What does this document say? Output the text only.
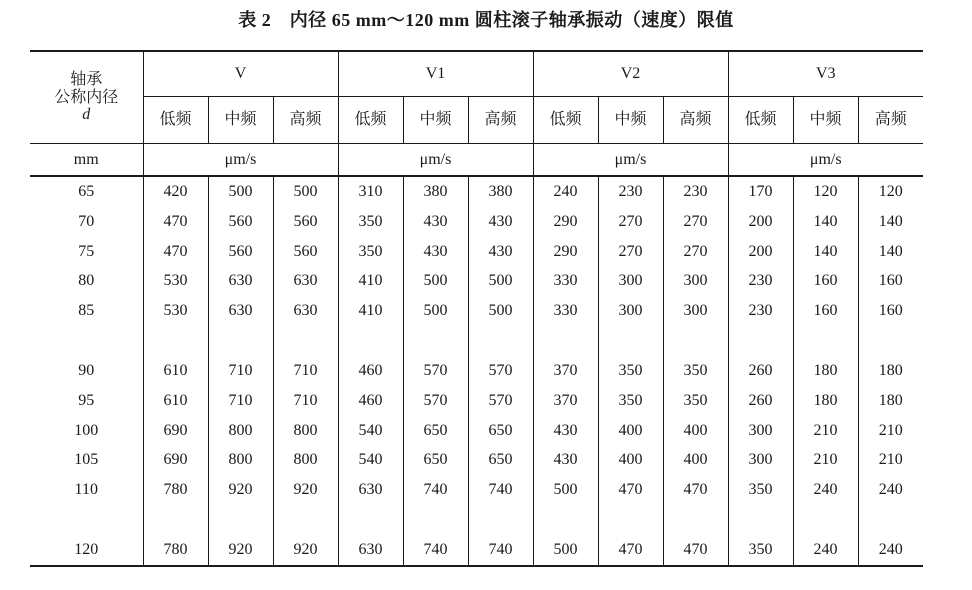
表 2　内径 65 mm～120 mm 圆柱滚子轴承振动（速度）限值
轴承
公称内径
d	V			V1			V2			V3		
	低频	中频	高频	低频	中频	高频	低频	中频	高频	低频	中频	高频
mm	μm/s			μm/s			μm/s			μm/s		
65	420	500	500	310	380	380	240	230	230	170	120	120
70	470	560	560	350	430	430	290	270	270	200	140	140
75	470	560	560	350	430	430	290	270	270	200	140	140
80	530	630	630	410	500	500	330	300	300	230	160	160
85	530	630	630	410	500	500	330	300	300	230	160	160

90	610	710	710	460	570	570	370	350	350	260	180	180
95	610	710	710	460	570	570	370	350	350	260	180	180
100	690	800	800	540	650	650	430	400	400	300	210	210
105	690	800	800	540	650	650	430	400	400	300	210	210
110	780	920	920	630	740	740	500	470	470	350	240	240

120	780	920	920	630	740	740	500	470	470	350	240	240
